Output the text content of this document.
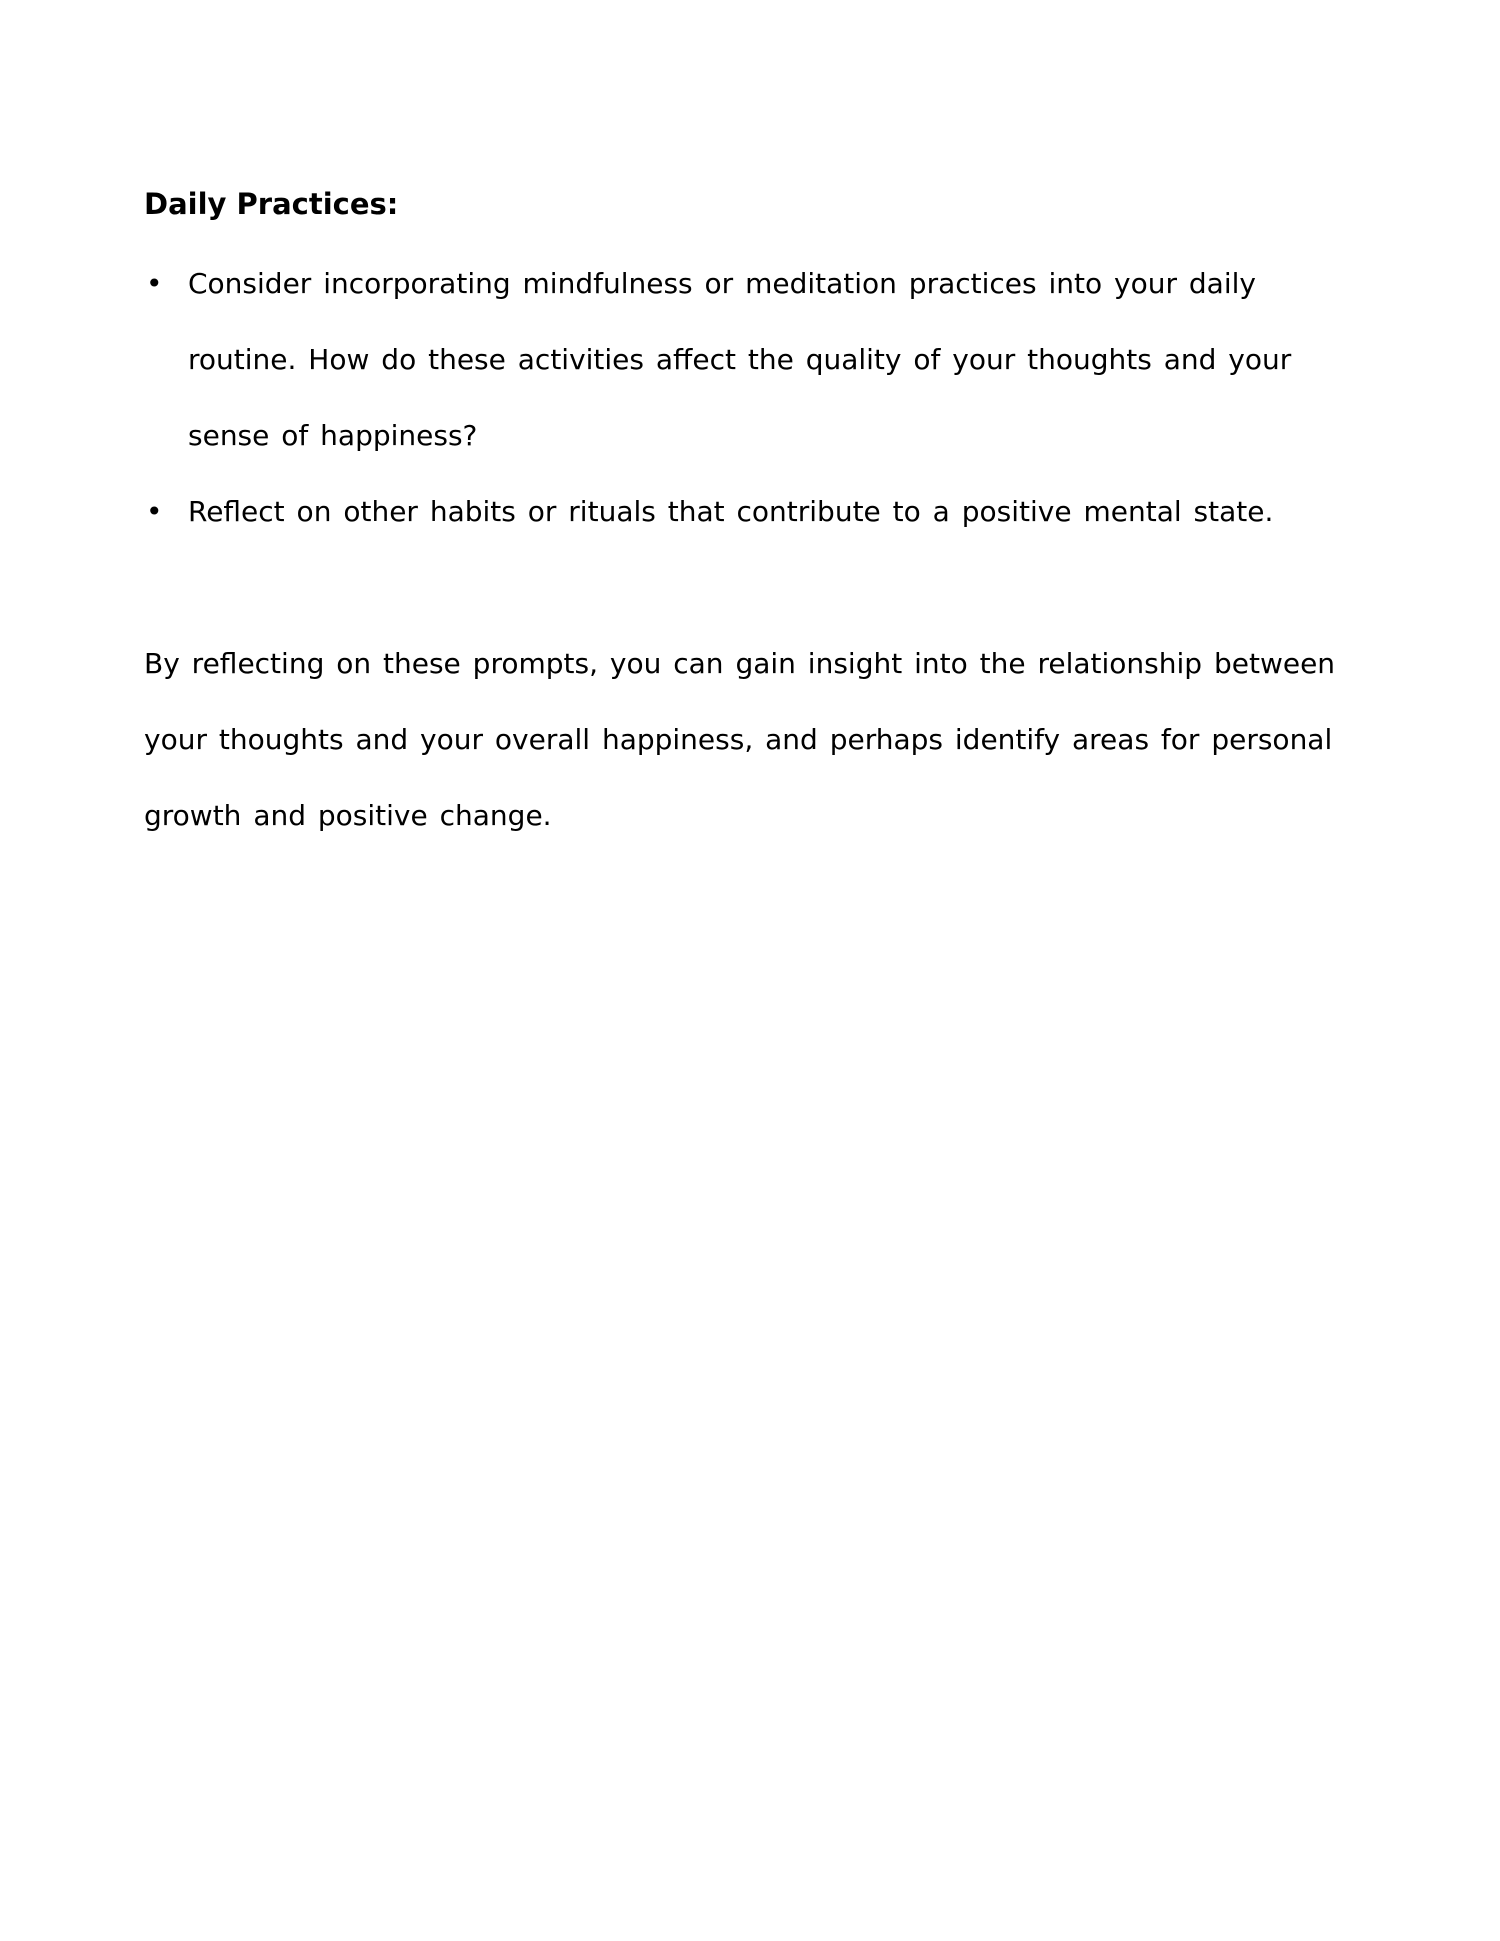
Daily Practices:
• Consider incorporating mindfulness or meditation practices into your daily routine. How do these activities affect the quality of your thoughts and your sense of happiness?
• Reflect on other habits or rituals that contribute to a positive mental state.

By reflecting on these prompts, you can gain insight into the relationship between your thoughts and your overall happiness, and perhaps identify areas for personal growth and positive change.
